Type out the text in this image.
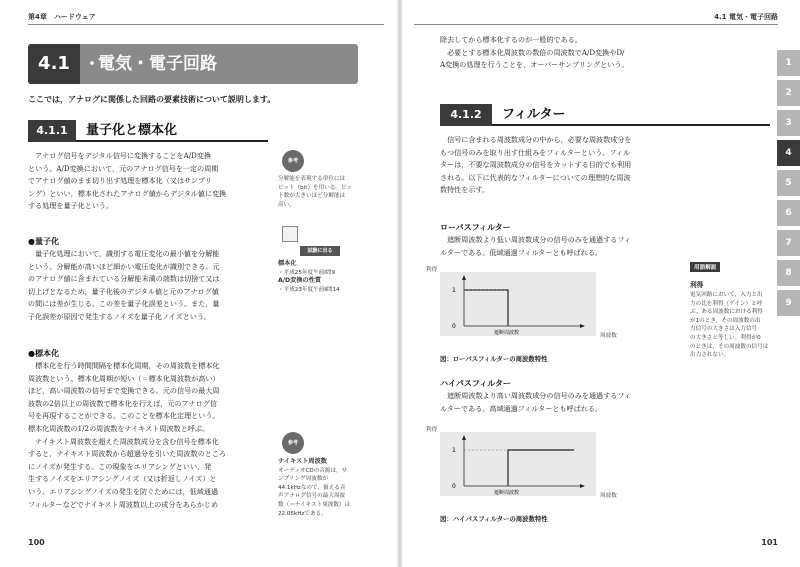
第4章　ハードウェア
4.1 ・
電気・電子回路
ここでは，アナログに関係した回路の要素技術について説明します。
4.1.1	量子化と標本化

アナログ信号をデジタル信号に変換することをA/D変換

という。A/D変換において，元のアナログ信号を一定の周期
でアナログ値のまま切り出す処理を標本化（又はサンプリ
ング）といい，標本化されたアナログ値からデジタル値に変換
する処理を量子化という。
●量子化

量子化処理において，識別する電圧変化の最小値を分解能

という。分解能が高いほど細かい電圧変化が識別できる。元
のアナログ値に含まれている分解能未満の端数は切捨て又は
切上げとなるため，量子化後のデジタル値と元のアナログ値
の間には差が生じる。この差を量子化誤差という。また，量
子化誤差が原因で発生するノイズを量子化ノイズという。
●標本化

標本化を行う時間間隔を標本化周期，その周波数を標本化

周波数という。標本化周期が短い（＝標本化周波数が高い）
ほど，高い周波数の信号まで変換できる。元の信号の最大周
波数の2倍以上の周波数で標本化を行えば，元のアナログ信
号を再現することができる。このことを標本化定理という。
標本化周波数の1/2の周波数をナイキスト周波数と呼ぶ。

ナイキスト周波数を超えた周波数成分を含む信号を標本化

すると，ナイキスト周波数から超過分を引いた周波数のところ
にノイズが発生する。この現象をエリアシングといい，発
生するノイズをエリアシングノイズ（又は折返しノイズ）と
いう。エリアシングノイズの発生を防ぐためには，低域通過
フィルターなどでナイキスト周波数以上の成分をあらかじめ
参考
分解能を表現する単位には
ビット（bit）を用いる。ビッ
ト数が大きいほど分解能は
高い。
試験に出る
標本化
・平成25年度午前Ⅰ問9
A/D変換の性質
・平成23年度午前Ⅱ問14
参考
ナイキスト周波数
オーディオCDの音源は，サ
ンプリング周波数が
44.1kHzなので，扱える音
声アナログ信号の最大周波
数（＝ナイキスト周波数）は
22.05kHzである。
100
4.1 電気・電子回路
除去してから標本化するのが一般的である。

必要とする標本化周波数の数倍の周波数でA/D変換やD/

A変換の処理を行うことを，オーバーサンプリングという。
4.1.2	フィルター

信号に含まれる周波数成分の中から，必要な周波数成分を

もつ信号のみを取り出す仕組みをフィルターという。フィル
ターは，不要な周波数成分の信号をカットする目的でも利用
される。以下に代表的なフィルターについての理想的な周波
数特性を示す。
ローパスフィルター

遮断周波数より低い周波数成分の信号のみを通過するフィ

ルターである。低域通過フィルターとも呼ばれる。
1
0
遮断周波数
利得
周波数
図：ローパスフィルターの周波数特性
ハイパスフィルター

遮断周波数より高い周波数成分の信号のみを通過するフィ

ルターである。高域通過フィルターとも呼ばれる。
1
0
遮断周波数
利得
周波数
図：ハイパスフィルターの周波数特性
101
用語解説
利得
電気回路において，入力と出
力の比を利得（ゲイン）と呼
ぶ。ある周波数における利得
が1のとき，その周波数の出
力信号の大きさは入力信号
の大きさと等しい。利得が0
のときは，その周波数の信号は
出力されない。
1
2
3
4
5
6
7
8
9
